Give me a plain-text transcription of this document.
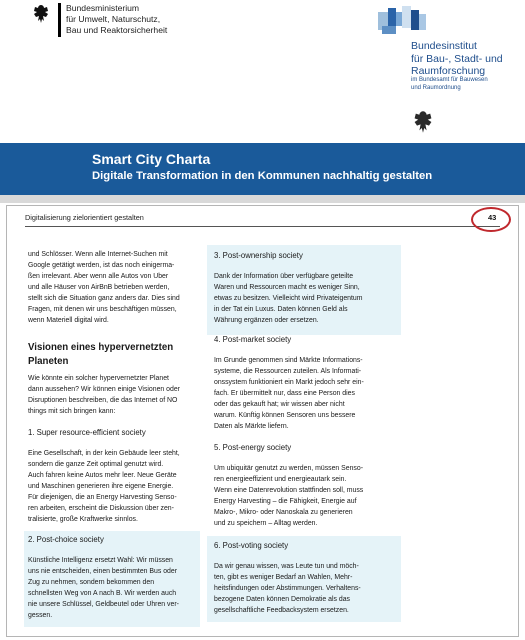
Bundesministerium
für Umwelt, Naturschutz,
Bau und Reaktorsicherheit
Bundesinstitut
für Bau-, Stadt- und
Raumforschung
im Bundesamt für Bauwesen
und Raumordnung
Smart City Charta
Digitale Transformation in den Kommunen nachhaltig gestalten
Digitalisierung zielorientiert gestalten	43
und Schlösser. Wenn alle Internet-Suchen mit
Google getätigt werden, ist das noch einigerma-
ßen irrelevant. Aber wenn alle Autos von Uber
und alle Häuser von AirBnB betrieben werden,
stellt sich die Situation ganz anders dar. Dies sind
Fragen, mit denen wir uns beschäftigen müssen,
wenn Materiell digital wird.
Visionen eines hypervernetzten
Planeten
Wie könnte ein solcher hypervernetzter Planet
dann aussehen? Wir können einige Visionen oder
Disruptionen beschreiben, die das Internet of NO
things mit sich bringen kann:
1. Super resource-efficient society
Eine Gesellschaft, in der kein Gebäude leer steht,
sondern die ganze Zeit optimal genutzt wird.
Auch fahren keine Autos mehr leer. Neue Geräte
und Maschinen generieren ihre eigene Energie.
Für diejenigen, die an Energy Harvesting Senso-
ren arbeiten, erscheint die Diskussion über zen-
tralisierte, große Kraftwerke sinnlos.
2. Post-choice society
Künstliche Intelligenz ersetzt Wahl: Wir müssen
uns nie entscheiden, einen bestimmten Bus oder
Zug zu nehmen, sondern bekommen den
schnellsten Weg von A nach B. Wir werden auch
nie unsere Schlüssel, Geldbeutel oder Uhren ver-
gessen.
3. Post-ownership society
Dank der Information über verfügbare geteilte
Waren und Ressourcen macht es weniger Sinn,
etwas zu besitzen. Vielleicht wird Privateigentum
in der Tat ein Luxus. Daten können Geld als
Währung ergänzen oder ersetzen.
4. Post-market society
Im Grunde genommen sind Märkte Informations-
systeme, die Ressourcen zuteilen. Als Informati-
onssystem funktioniert ein Markt jedoch sehr ein-
fach. Er übermittelt nur, dass eine Person dies
oder das gekauft hat; wir wissen aber nicht
warum. Künftig können Sensoren uns bessere
Daten als Märkte liefern.
5. Post-energy society
Um ubiquitär genutzt zu werden, müssen Senso-
ren energieeffizient und energieautark sein.
Wenn eine Datenrevolution stattfinden soll, muss
Energy Harvesting – die Fähigkeit, Energie auf
Makro-, Mikro- oder Nanoskala zu generieren
und zu speichern – Alltag werden.
6. Post-voting society
Da wir genau wissen, was Leute tun und möch-
ten, gibt es weniger Bedarf an Wahlen, Mehr-
heitsfindungen oder Abstimmungen. Verhaltens-
bezogene Daten können Demokratie als das
gesellschaftliche Feedbacksystem ersetzen.
